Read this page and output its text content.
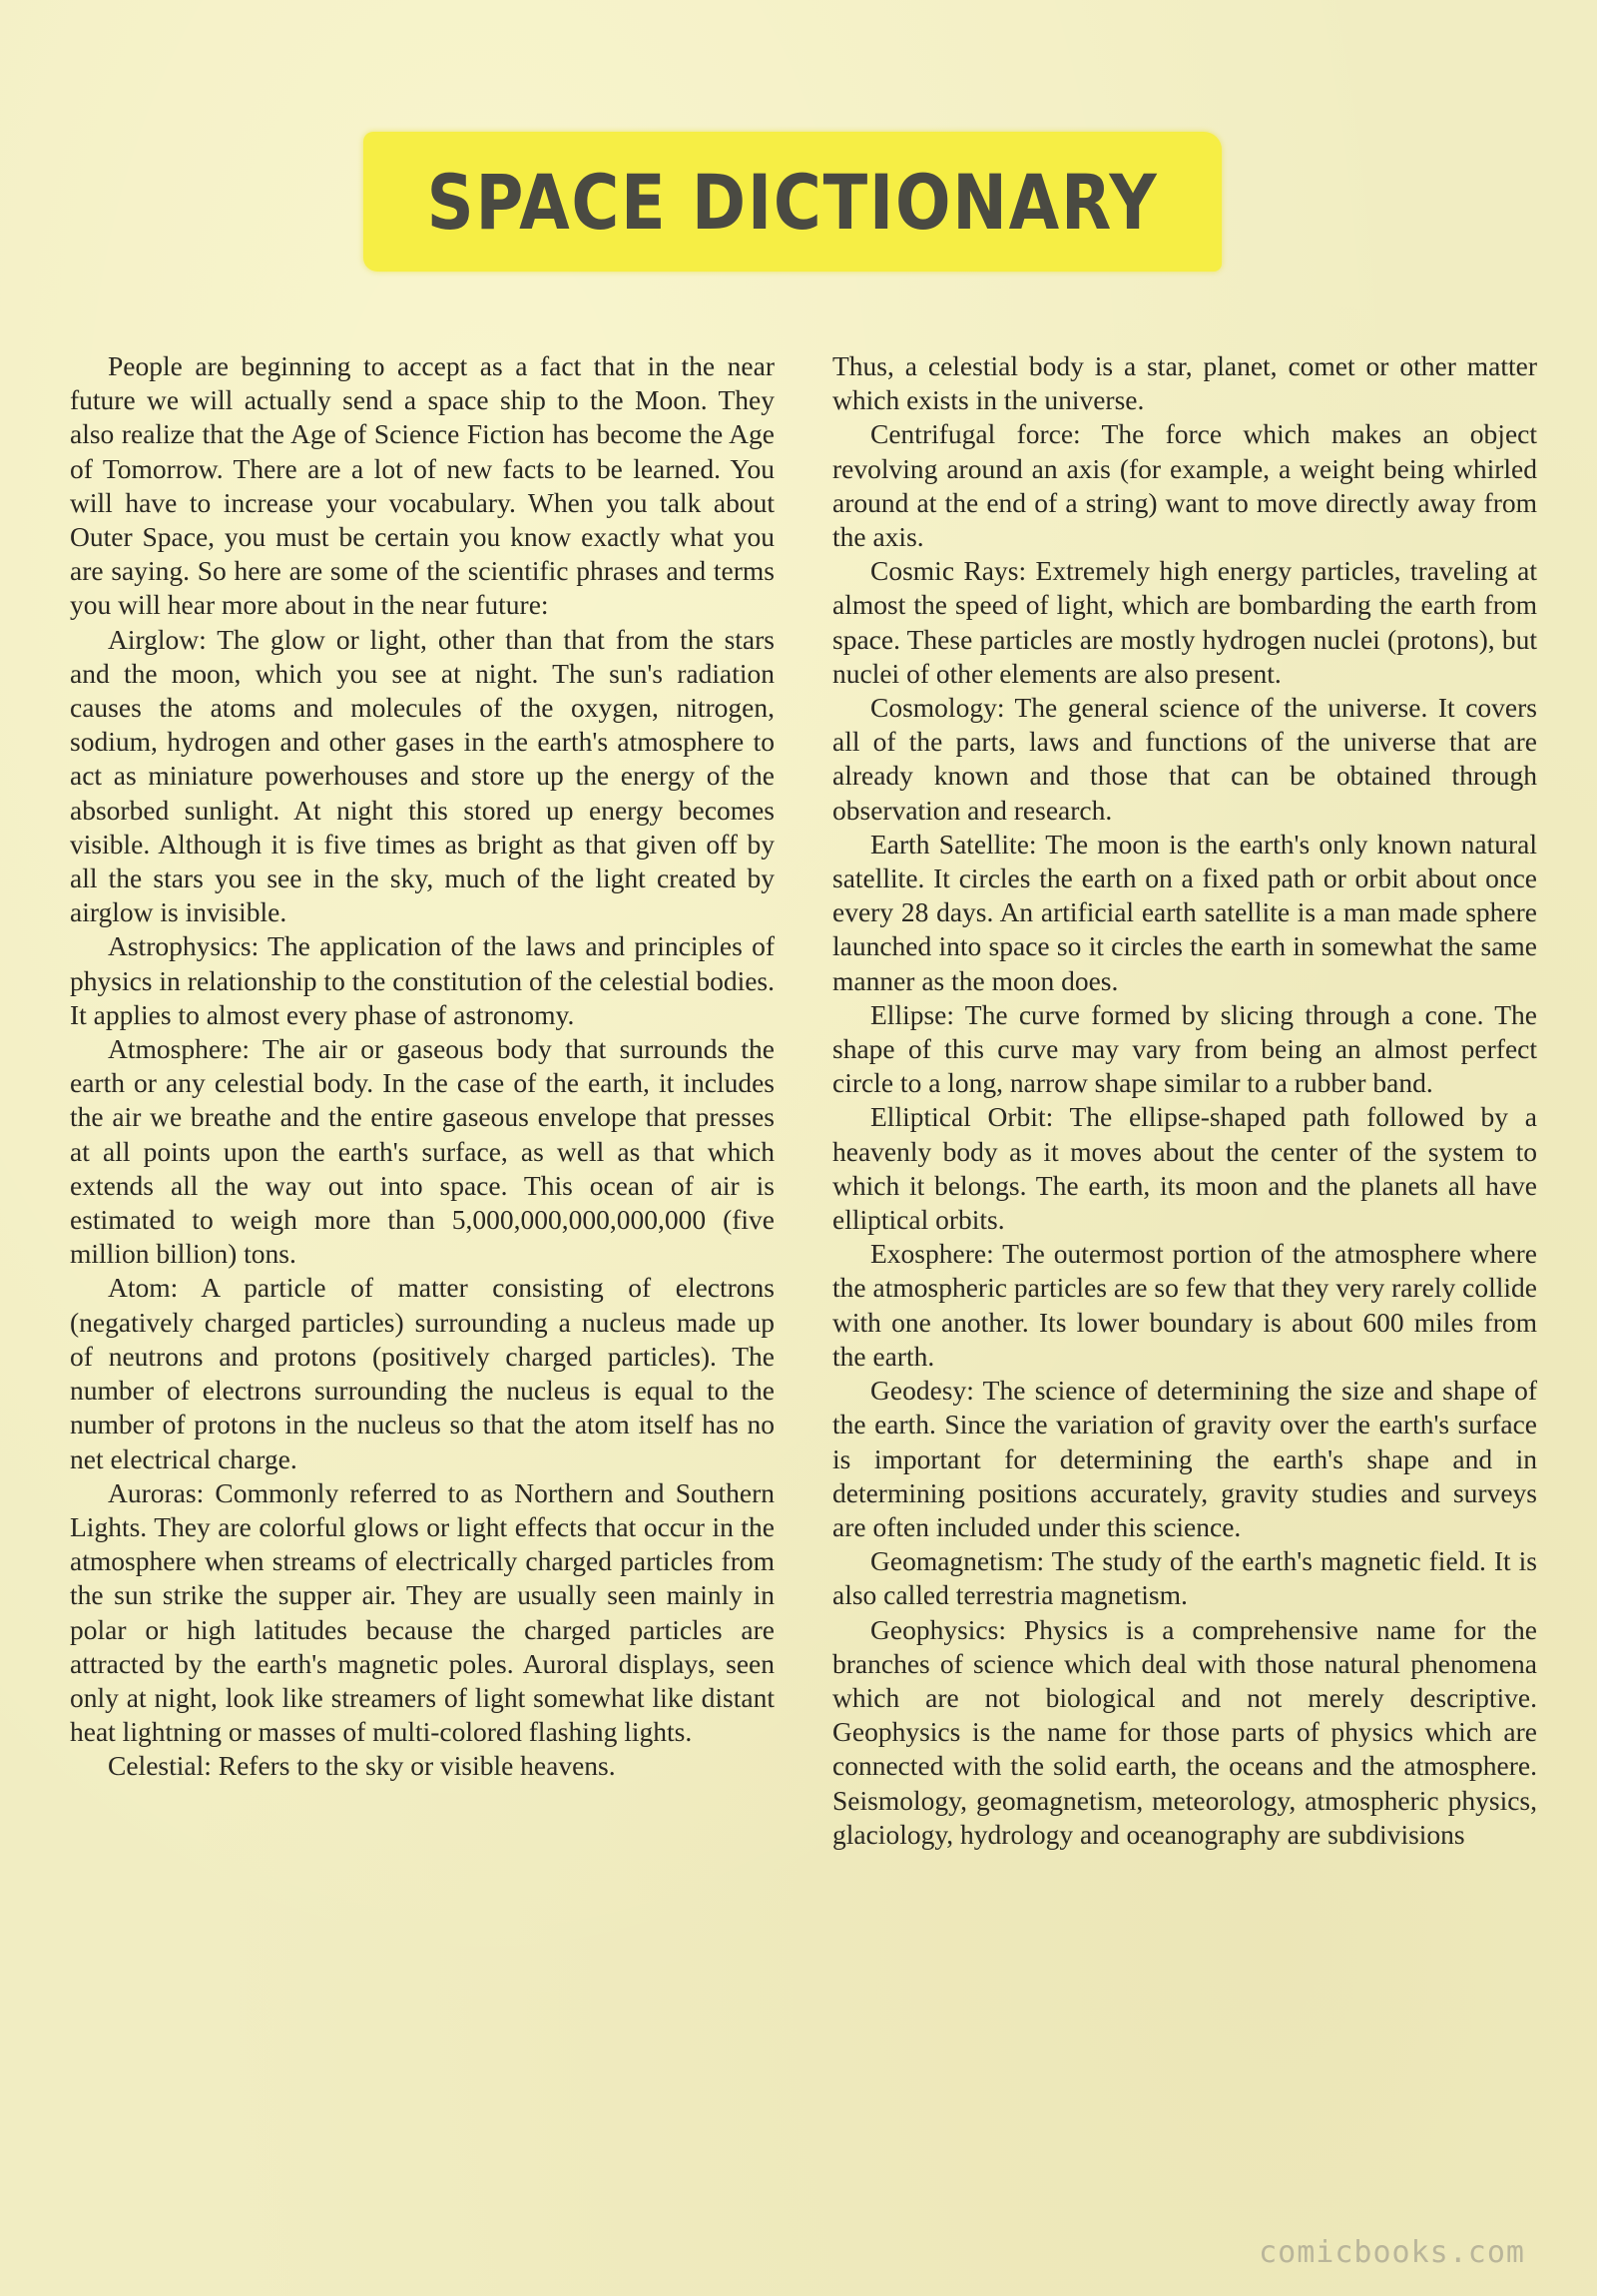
SPACE DICTIONARY

People are beginning to accept as a fact that in the near future we will actually send a space ship to the Moon. They also realize that the Age of Science Fiction has become the Age of Tomorrow. There are a lot of new facts to be learned. You will have to increase your vocabulary. When you talk about Outer Space, you must be certain you know exactly what you are saying. So here are some of the scientific phrases and terms you will hear more about in the near future:

Airglow: The glow or light, other than that from the stars and the moon, which you see at night. The sun's radiation causes the atoms and molecules of the oxygen, nitrogen, sodium, hydrogen and other gases in the earth's atmosphere to act as miniature powerhouses and store up the energy of the absorbed sunlight. At night this stored up energy becomes visible. Although it is five times as bright as that given off by all the stars you see in the sky, much of the light created by airglow is invisible.

Astrophysics: The application of the laws and principles of physics in relationship to the constitution of the celestial bodies. It applies to almost every phase of astronomy.

Atmosphere: The air or gaseous body that surrounds the earth or any celestial body. In the case of the earth, it includes the air we breathe and the entire gaseous envelope that presses at all points upon the earth's surface, as well as that which extends all the way out into space. This ocean of air is estimated to weigh more than 5,000,000,000,000,000 (five million billion) tons.

Atom: A particle of matter consisting of electrons (negatively charged particles) surrounding a nucleus made up of neutrons and protons (positively charged particles). The number of electrons surrounding the nucleus is equal to the number of protons in the nucleus so that the atom itself has no net electrical charge.

Auroras: Commonly referred to as Northern and Southern Lights. They are colorful glows or light effects that occur in the atmosphere when streams of electrically charged particles from the sun strike the supper air. They are usually seen mainly in polar or high latitudes because the charged particles are attracted by the earth's magnetic poles. Auroral displays, seen only at night, look like streamers of light somewhat like distant heat lightning or masses of multi-colored flashing lights.

Celestial: Refers to the sky or visible heavens.

Thus, a celestial body is a star, planet, comet or other matter which exists in the universe.

Centrifugal force: The force which makes an object revolving around an axis (for example, a weight being whirled around at the end of a string) want to move directly away from the axis.

Cosmic Rays: Extremely high energy particles, traveling at almost the speed of light, which are bombarding the earth from space. These particles are mostly hydrogen nuclei (protons), but nuclei of other elements are also present.

Cosmology: The general science of the universe. It covers all of the parts, laws and functions of the universe that are already known and those that can be obtained through observation and research.

Earth Satellite: The moon is the earth's only known natural satellite. It circles the earth on a fixed path or orbit about once every 28 days. An artificial earth satellite is a man made sphere launched into space so it circles the earth in somewhat the same manner as the moon does.

Ellipse: The curve formed by slicing through a cone. The shape of this curve may vary from being an almost perfect circle to a long, narrow shape similar to a rubber band.

Elliptical Orbit: The ellipse-shaped path followed by a heavenly body as it moves about the center of the system to which it belongs. The earth, its moon and the planets all have elliptical orbits.

Exosphere: The outermost portion of the atmosphere where the atmospheric particles are so few that they very rarely collide with one another. Its lower boundary is about 600 miles from the earth.

Geodesy: The science of determining the size and shape of the earth. Since the variation of gravity over the earth's surface is important for determining the earth's shape and in determining positions accurately, gravity studies and surveys are often included under this science.

Geomagnetism: The study of the earth's magnetic field. It is also called terrestria magnetism.

Geophysics: Physics is a comprehensive name for the branches of science which deal with those natural phenomena which are not biological and not merely descriptive. Geophysics is the name for those parts of physics which are connected with the solid earth, the oceans and the atmosphere. Seismology, geomagnetism, meteorology, atmospheric physics, glaciology, hydrology and oceanography are subdivisions

comicbooks.com
